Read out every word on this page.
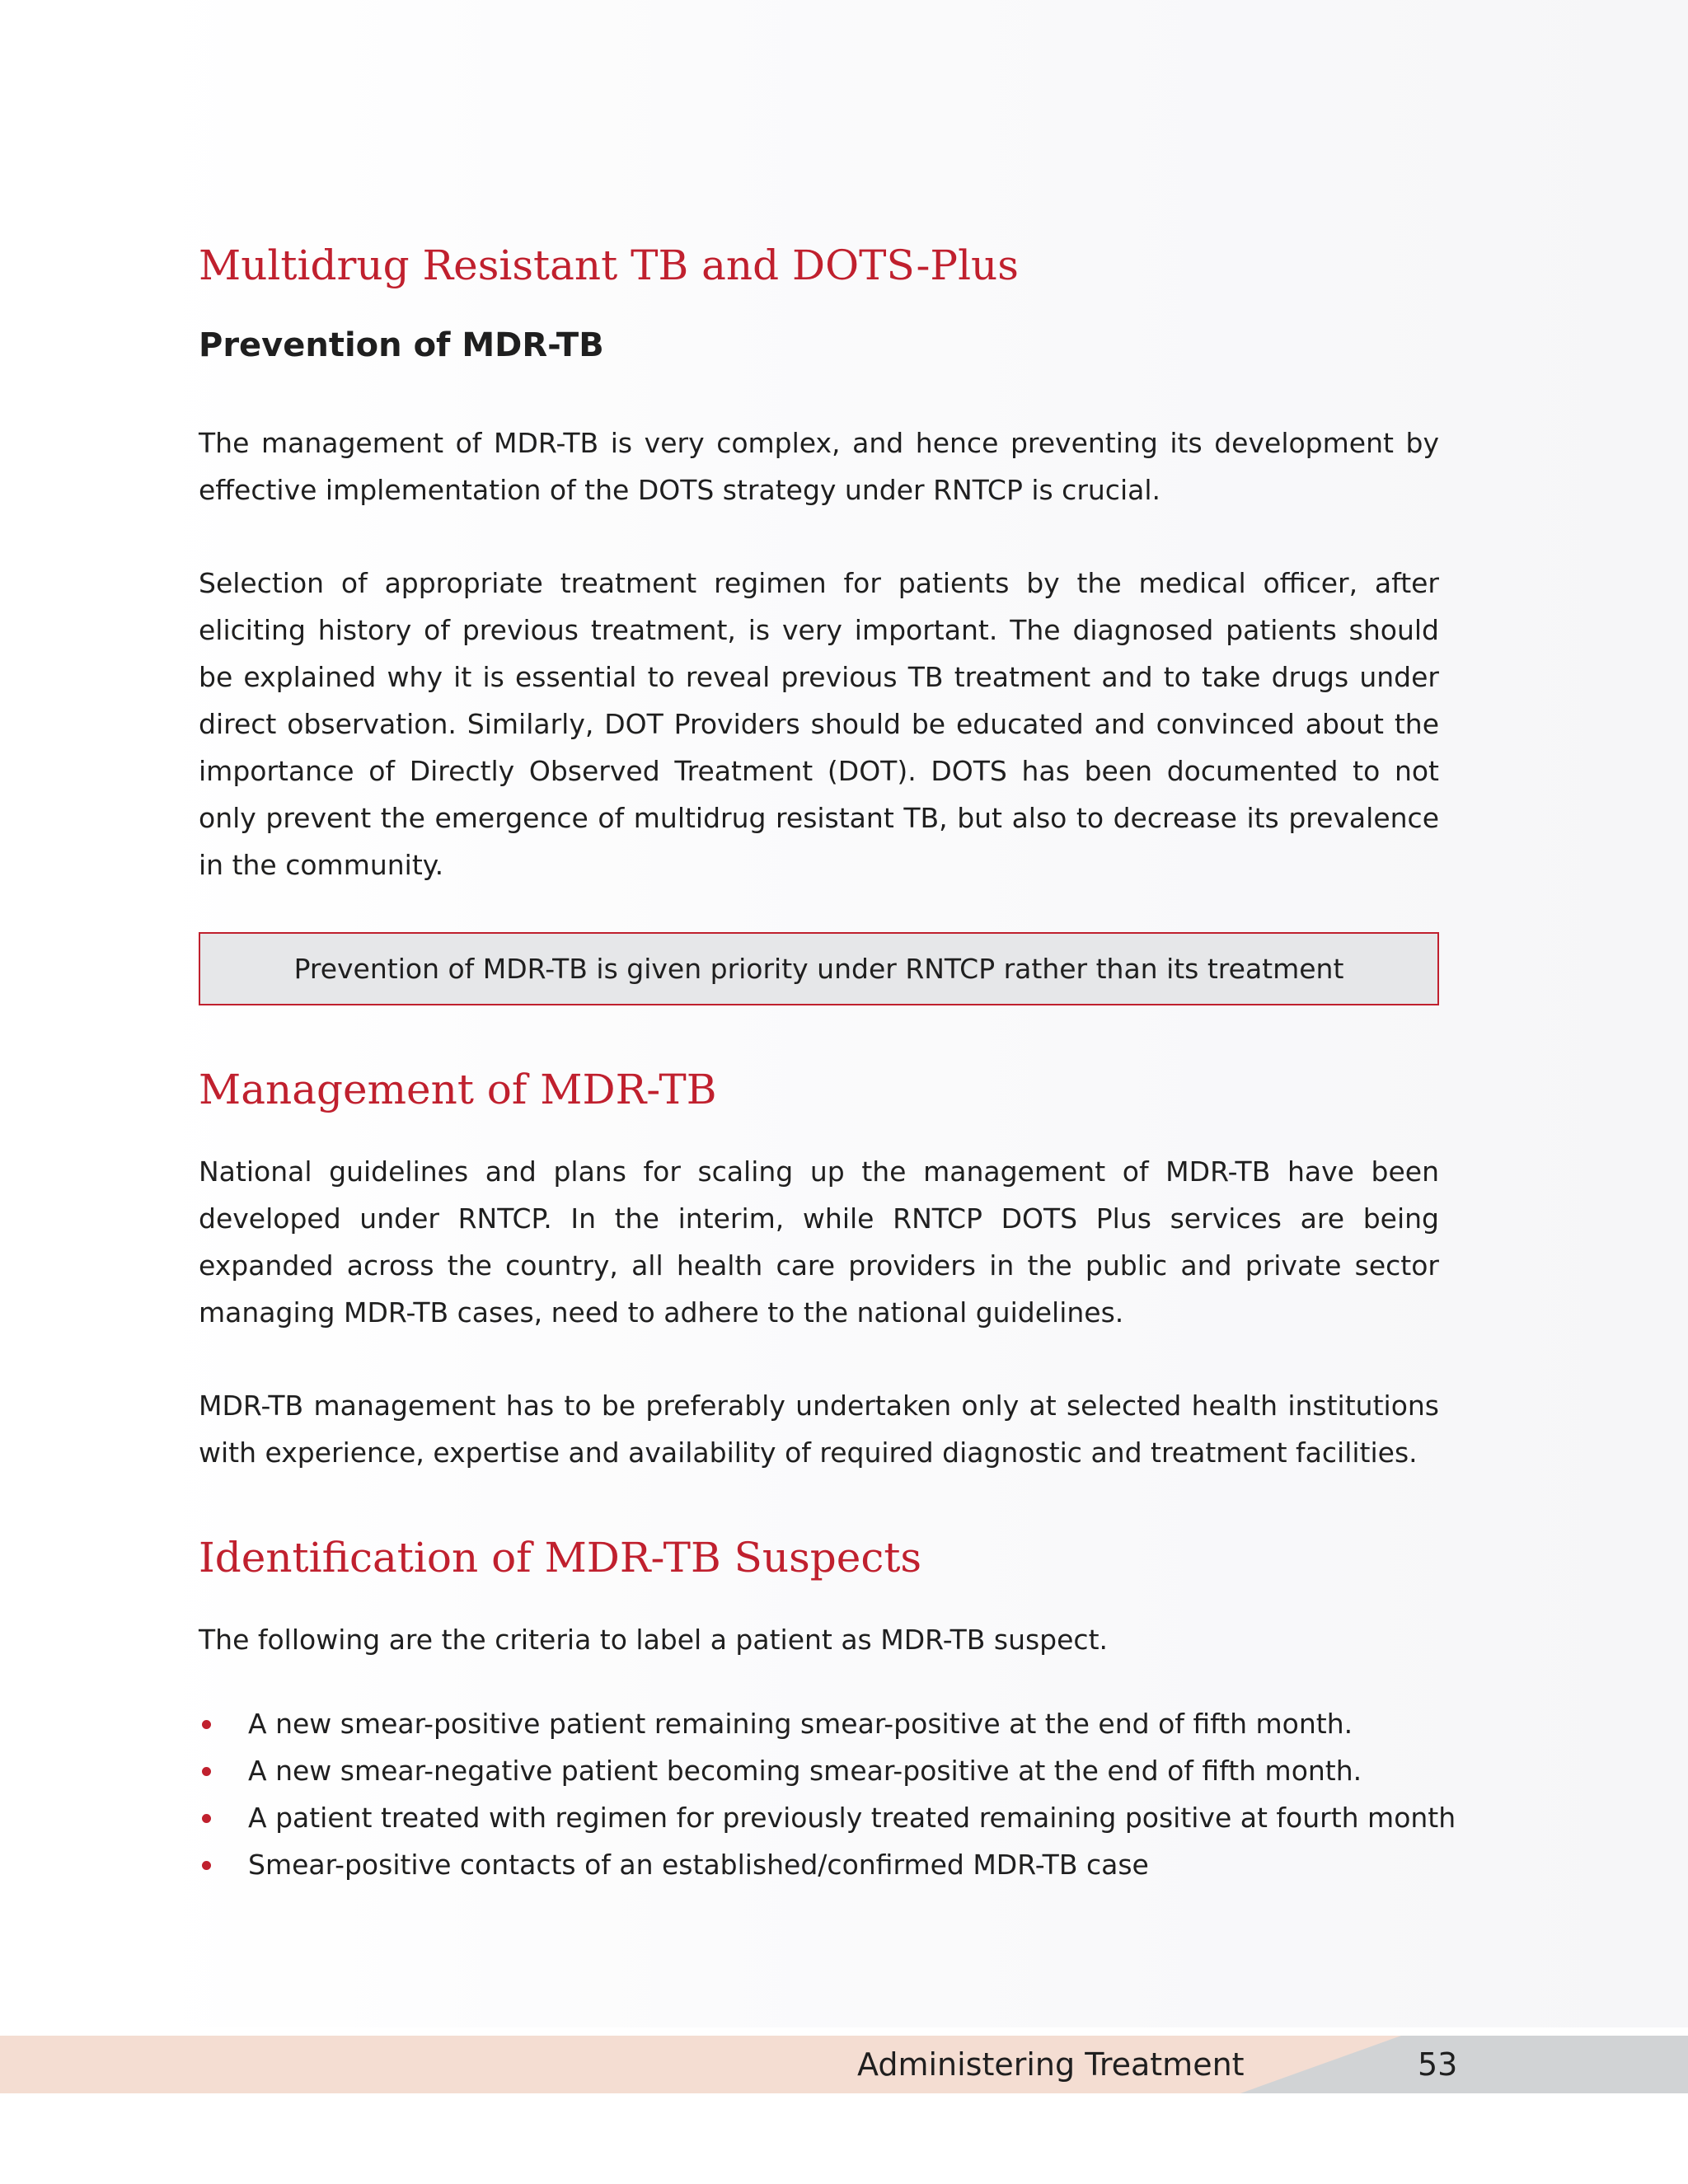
Multidrug Resistant TB and DOTS-Plus
Prevention of MDR-TB

The management of MDR-TB is very complex, and hence preventing its development by effective implementation of the DOTS strategy under RNTCP is crucial.

Selection of appropriate treatment regimen for patients by the medical officer, after eliciting history of previous treatment, is very important. The diagnosed patients should be explained why it is essential to reveal previous TB treatment and to take drugs under direct observation. Similarly, DOT Providers should be educated and convinced about the importance of Directly Observed Treatment (DOT). DOTS has been documented to not only prevent the emergence of multidrug resistant TB, but also to decrease its prevalence in the community.

Prevention of MDR-TB is given priority under RNTCP rather than its treatment
Management of MDR-TB

National guidelines and plans for scaling up the management of MDR-TB have been developed under RNTCP. In the interim, while RNTCP DOTS Plus services are being expanded across the country, all health care providers in the public and private sector managing MDR-TB cases, need to adhere to the national guidelines.

MDR-TB management has to be preferably undertaken only at selected health institutions with experience, expertise and availability of required diagnostic and treatment facilities.

Identification of MDR-TB Suspects

The following are the criteria to label a patient as MDR-TB suspect.

A new smear-positive patient remaining smear-positive at the end of fifth month.
A new smear-negative patient becoming smear-positive at the end of fifth month.
A patient treated with regimen for previously treated remaining positive at fourth month
Smear-positive contacts of an established/confirmed MDR-TB case
Administering Treatment	53
